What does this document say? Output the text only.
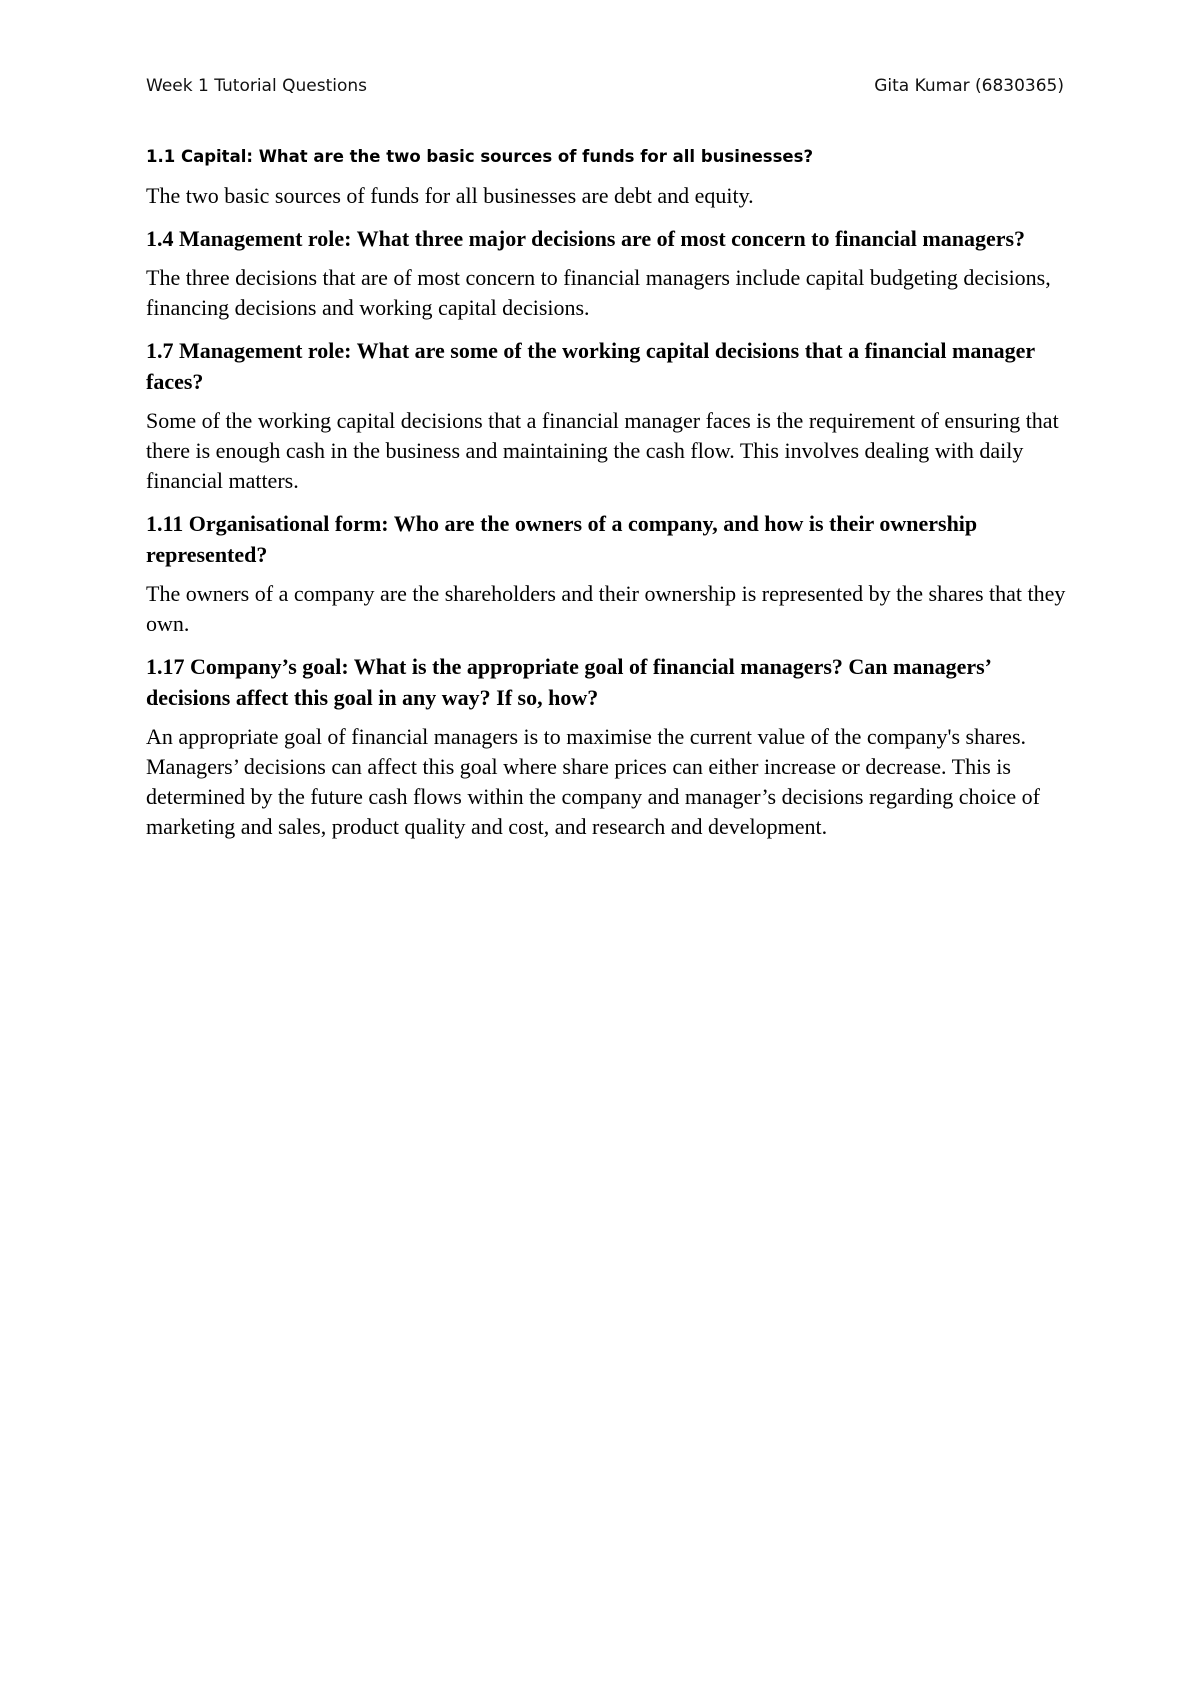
Week 1 Tutorial Questions	Gita Kumar (6830365)

1.1 Capital: What are the two basic sources of funds for all businesses?

The two basic sources of funds for all businesses are debt and equity.

1.4 Management role: What three major decisions are of most concern to financial managers?

The three decisions that are of most concern to financial managers include capital budgeting decisions, financing decisions and working capital decisions.

1.7 Management role: What are some of the working capital decisions that a financial manager faces?

Some of the working capital decisions that a financial manager faces is the requirement of ensuring that there is enough cash in the business and maintaining the cash flow. This involves dealing with daily financial matters.

1.11 Organisational form: Who are the owners of a company, and how is their ownership represented?

The owners of a company are the shareholders and their ownership is represented by the shares that they own.

1.17 Company’s goal: What is the appropriate goal of financial managers? Can managers’ decisions affect this goal in any way? If so, how?

An appropriate goal of financial managers is to maximise the current value of the company's shares. Managers’ decisions can affect this goal where share prices can either increase or decrease. This is determined by the future cash flows within the company and manager’s decisions regarding choice of marketing and sales, product quality and cost, and research and development.
